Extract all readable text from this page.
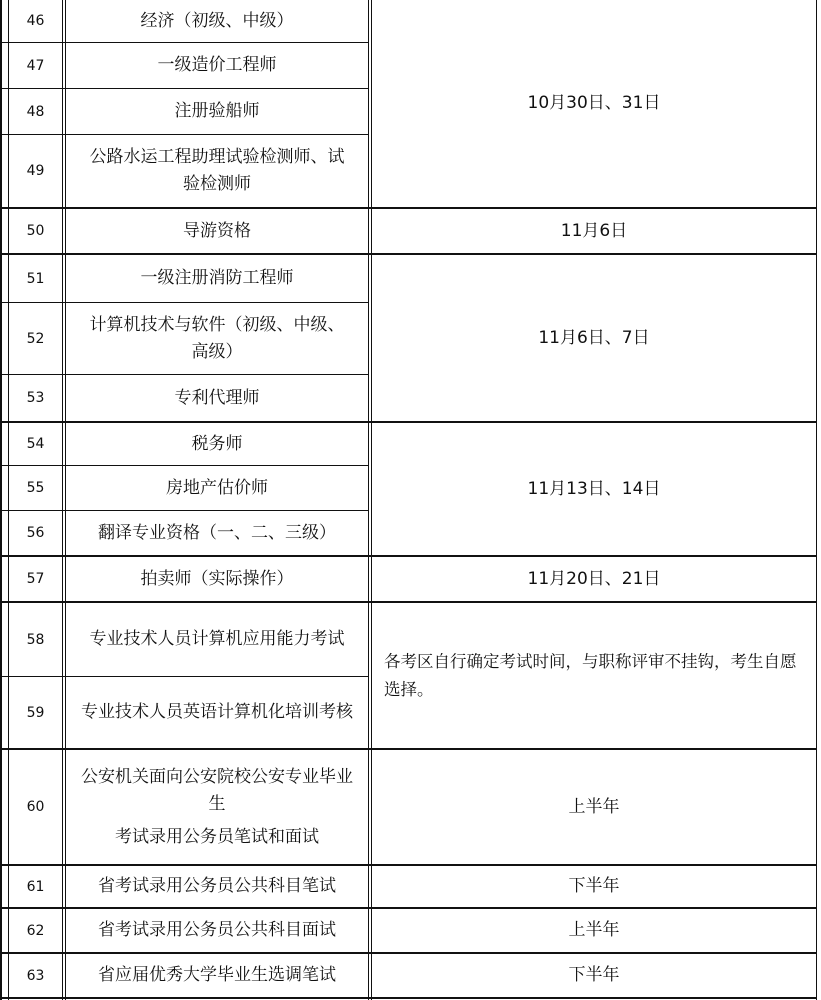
46
47
48
49
50
51
52
53
54
55
56
57
58
59
60
61
62
63
经济（初级、中级）
一级造价工程师
注册验船师
公路水运工程助理试验检测师、试验检测师
导游资格
一级注册消防工程师
计算机技术与软件（初级、中级、高级）
专利代理师
税务师
房地产估价师
翻译专业资格（一、二、三级）
拍卖师（实际操作）
专业技术人员计算机应用能力考试
专业技术人员英语计算机化培训考核
公安机关面向公安院校公安专业毕业生
考试录用公务员笔试和面试
省考试录用公务员公共科目笔试
省考试录用公务员公共科目面试
省应届优秀大学毕业生选调笔试
10月30日、31日
11月6日
11月6日、7日
11月13日、14日
11月20日、21日
各考区自行确定考试时间，与职称评审不挂钩，考生自愿选择。
上半年
下半年
上半年
下半年
